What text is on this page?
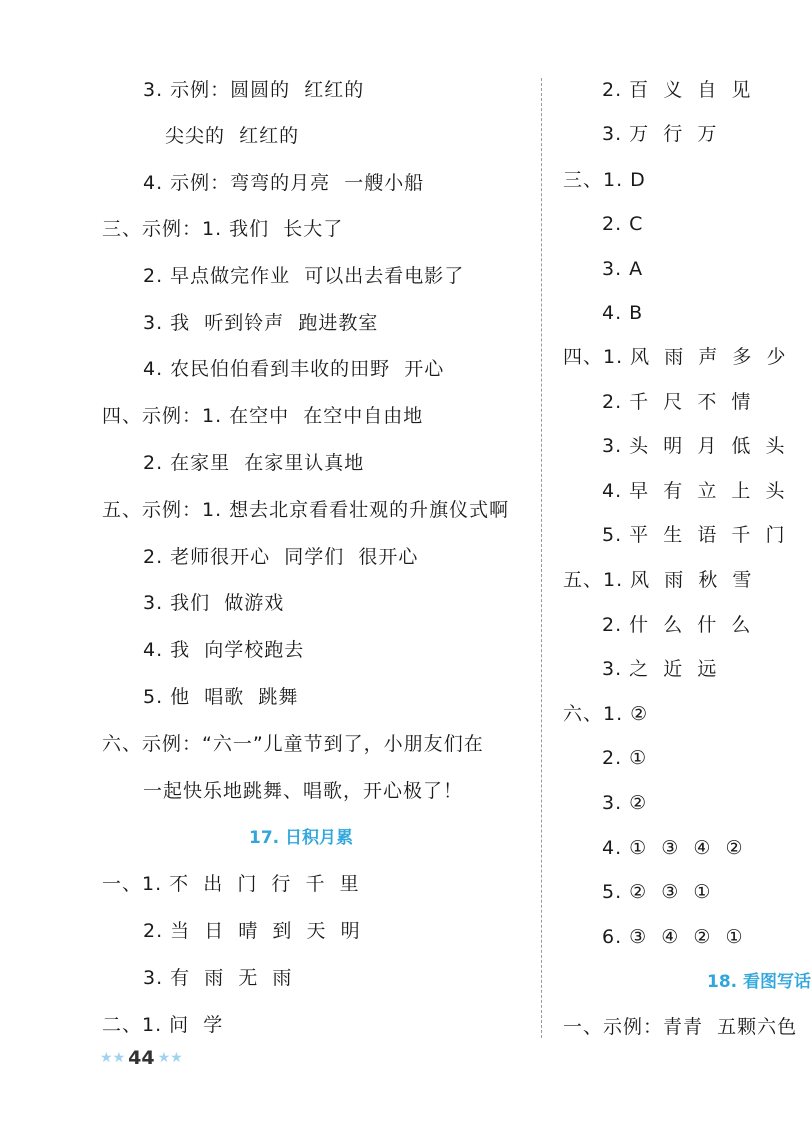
3. 示例：圆圆的  红红的
尖尖的  红红的
4. 示例：弯弯的月亮  一艘小船
三、示例：1. 我们  长大了
2. 早点做完作业  可以出去看电影了
3. 我  听到铃声  跑进教室
4. 农民伯伯看到丰收的田野  开心
四、示例：1. 在空中  在空中自由地
2. 在家里  在家里认真地
五、示例：1. 想去北京看看壮观的升旗仪式啊
2. 老师很开心  同学们  很开心
3. 我们  做游戏
4. 我  向学校跑去
5. 他  唱歌  跳舞
六、示例：“六一”儿童节到了，小朋友们在
一起快乐地跳舞、唱歌，开心极了！
17. 日积月累
一、1. 不  出  门  行  千  里
2. 当  日  晴  到  天  明
3. 有  雨  无  雨
二、1. 问  学
2. 百  义  自  见
3. 万  行  万
三、1. D
2. C
3. A
4. B
四、1. 风  雨  声  多  少
2. 千  尺  不  情
3. 头  明  月  低  头
4. 早  有  立  上  头
5. 平  生  语  千  门
五、1. 风  雨  秋  雪
2. 什  么  什  么
3. 之  近  远
六、1. ②
2. ①
3. ②
4. ①  ③  ④  ②
5. ②  ③  ①
6. ③  ④  ②  ①
18. 看图写话
一、示例：青青  五颗六色
★ ★ 44 ★ ★
